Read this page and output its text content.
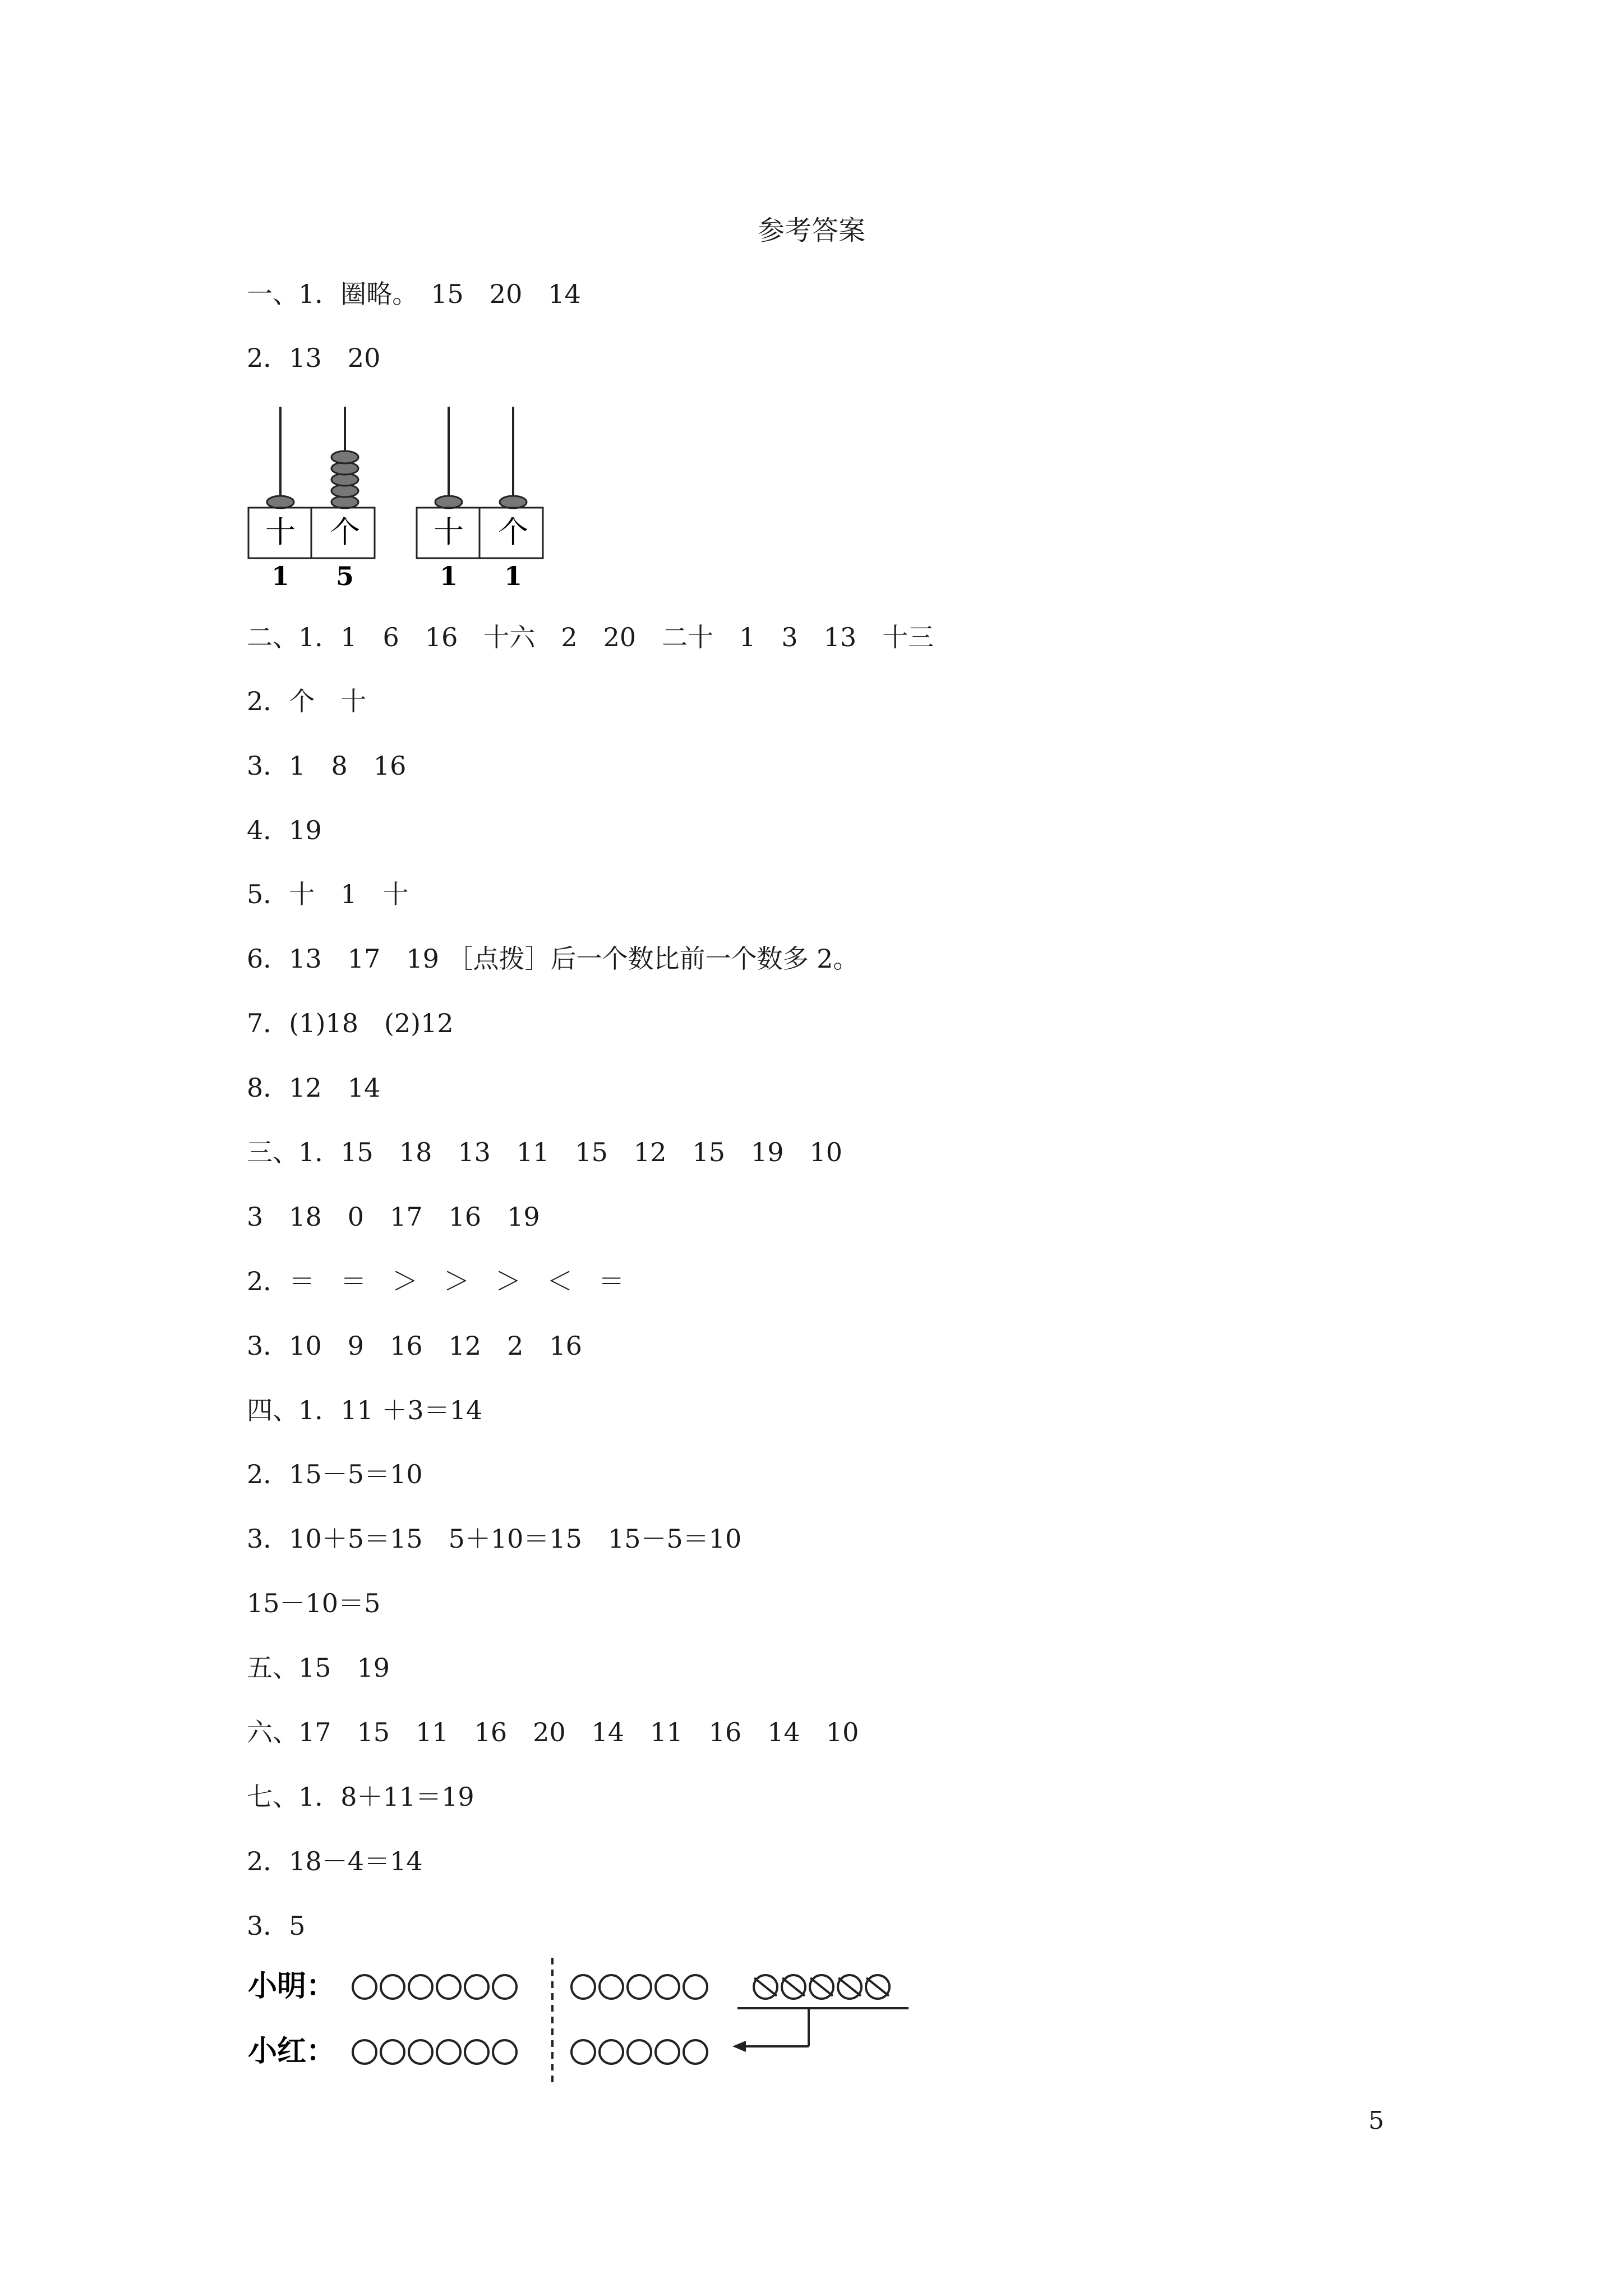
参考答案
一、1．圈略。　15　20　14
2．13　20
十 个
1 5
十 个
1 1
二、1．1　6　16　十六　2　20　二十　1　3　13　十三
2．个　十
3．1　8　16
4．19
5．十　1　十
6．13　17　19 ［点拨］后一个数比前一个数多 2。
7．(1)18　(2)12
8．12　14
三、1．15　18　13　11　15　12　15　19　10
3　18　0　17　16　19
2．＝　＝　＞　＞　＞　＜　＝
3．10　9　16　12　2　16
四、1．11 ＋3＝14
2．15－5＝10
3．10＋5＝15　5＋10＝15　15－5＝10
15－10＝5
五、15　19
六、17　15　11　16　20　14　11　16　14　10
七、1．8＋11＝19
2．18－4＝14
3．5
小明：
小红：
5
